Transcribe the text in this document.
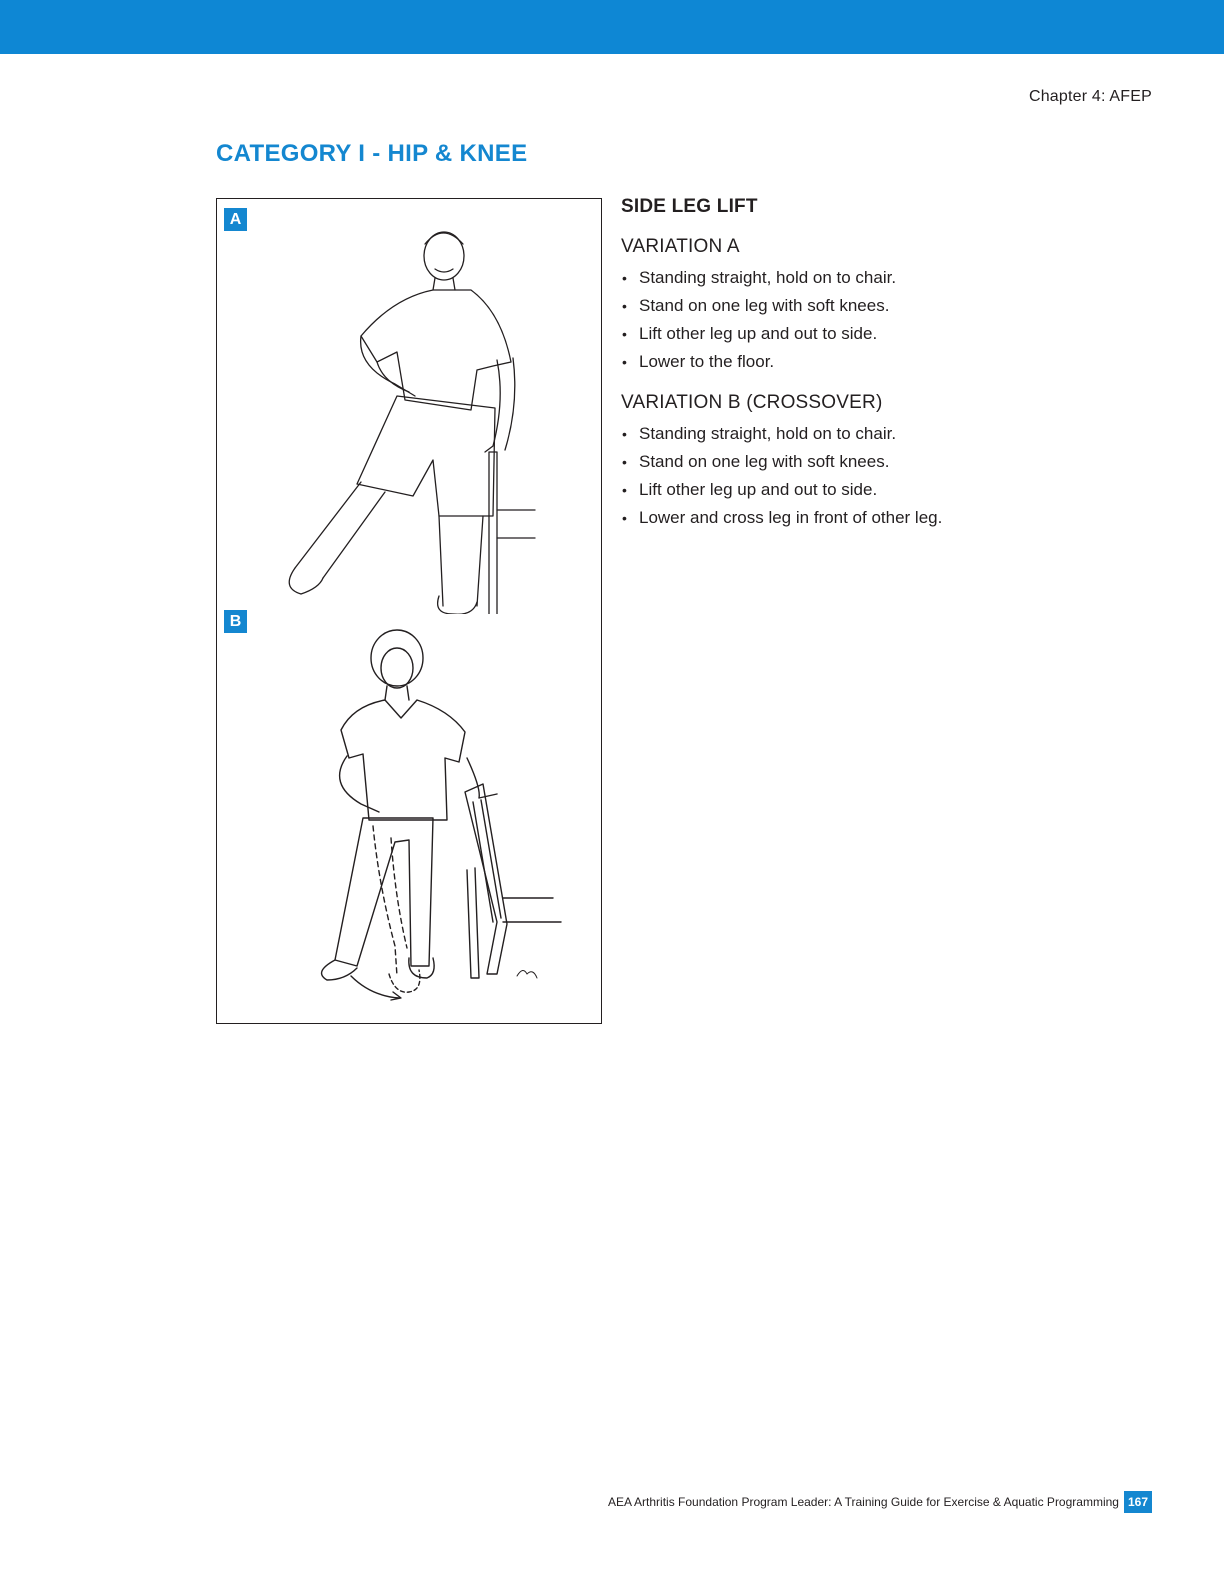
Chapter 4: AFEP
CATEGORY I - HIP & KNEE
A
B
SIDE LEG LIFT
VARIATION A
• Standing straight, hold on to chair.
• Stand on one leg with soft knees.
• Lift other leg up and out to side.
• Lower to the floor.
VARIATION B (CROSSOVER)
• Standing straight, hold on to chair.
• Stand on one leg with soft knees.
• Lift other leg up and out to side.
• Lower and cross leg in front of other leg.
AEA Arthritis Foundation Program Leader: A Training Guide for Exercise & Aquatic Programming 167
